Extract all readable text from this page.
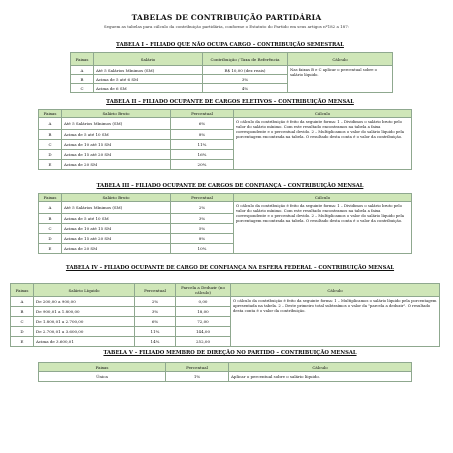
TABELAS DE CONTRIBUIÇÃO PARTIDÁRIA
Seguem as tabelas para cálculo da contribuição partidária, conforme o Estatuto do Partido em seus artigos nº182 a 187:
TABELA I – FILIADO QUE NÃO OCUPA CARGO – CONTRIBUIÇÃO SEMESTRAL
Faixas	Salário	Contribuição / Taxa de Referência	Cálculo
A	Até 5 Salários Mínimos (SM)	R$ 10,00 (dez reais)	Nas faixas B e C aplicar o percentual sobre o salário líquido.
B	Acima de 5 até 6 SM	3%	
C	Acima de 6 SM	4%	
TABELA II – FILIADO OCUPANTE DE CARGOS ELETIVOS – CONTRIBUIÇÃO MENSAL
Faixas	Salário Bruto	Percentual	Cálculo
A	Até 5 Salários Mínimos (SM)	6%	O cálculo da contribuição é feito da seguinte forma: 1 – Dividimos o salário bruto pelo valor do salário mínimo. Com este resultado encontramos na tabela a faixa correspondente e o percentual devido. 2 – Multiplicamos o valor do salário líquido pela porcentagem encontrada na tabela. O resultado desta conta é o valor da contribuição.
B	Acima de 5 até 10 SM	8%	
C	Acima de 10 até 15 SM	11%	
D	Acima de 15 até 20 SM	16%	
E	Acima de 20 SM	20%	
TABELA III – FILIADO OCUPANTE DE CARGOS DE CONFIANÇA – CONTRIBUIÇÃO MENSAL
Faixas	Salário Bruto	Percentual	Cálculo
A	Até 5 Salários Mínimos (SM)	2%	O cálculo da contribuição é feito da seguinte forma: 1 – Dividimos o salário bruto pelo valor do salário mínimo. Com este resultado encontramos na tabela a faixa correspondente e o percentual devido. 2 – Multiplicamos o valor do salário líquido pela porcentagem encontrada na tabela. O resultado desta conta é o valor da contribuição.
B	Acima de 5 até 10 SM	3%	
C	Acima de 10 até 15 SM	5%	
D	Acima de 15 até 20 SM	8%	
E	Acima de 20 SM	10%	
TABELA IV – FILIADO OCUPANTE DE CARGO DE CONFIANÇA NA ESFERA FEDERAL – CONTRIBUIÇÃO MENSAL
Faixas	Salário Líquido	Percentual	Parcela a Deduzir (no cálculo)	Cálculo
A	De 200,00 a 900,00	2%	0,00	O cálculo da contribuição é feito da seguinte forma: 1 – Multiplicamos o salário líquido pela porcentagem apresentada na tabela. 2 – Deste primeiro total subtraímos o valor da "parcela a deduzir". O resultado desta conta é o valor da contribuição.
B	De 900,01 a 1.800,00	3%	18,00	
C	De 1.800,01 a 2.700,00	6%	72,00	
D	De 2.700,01 a 3.600,00	11%	144,00	
E	Acima de 3.600,01	14%	252,00	
TABELA V – FILIADO MEMBRO DE DIREÇÃO NO PARTIDO – CONTRIBUIÇÃO MENSAL
Faixas	Percentual	Cálculo
Única	1%	Aplicar o percentual sobre o salário líquido.
